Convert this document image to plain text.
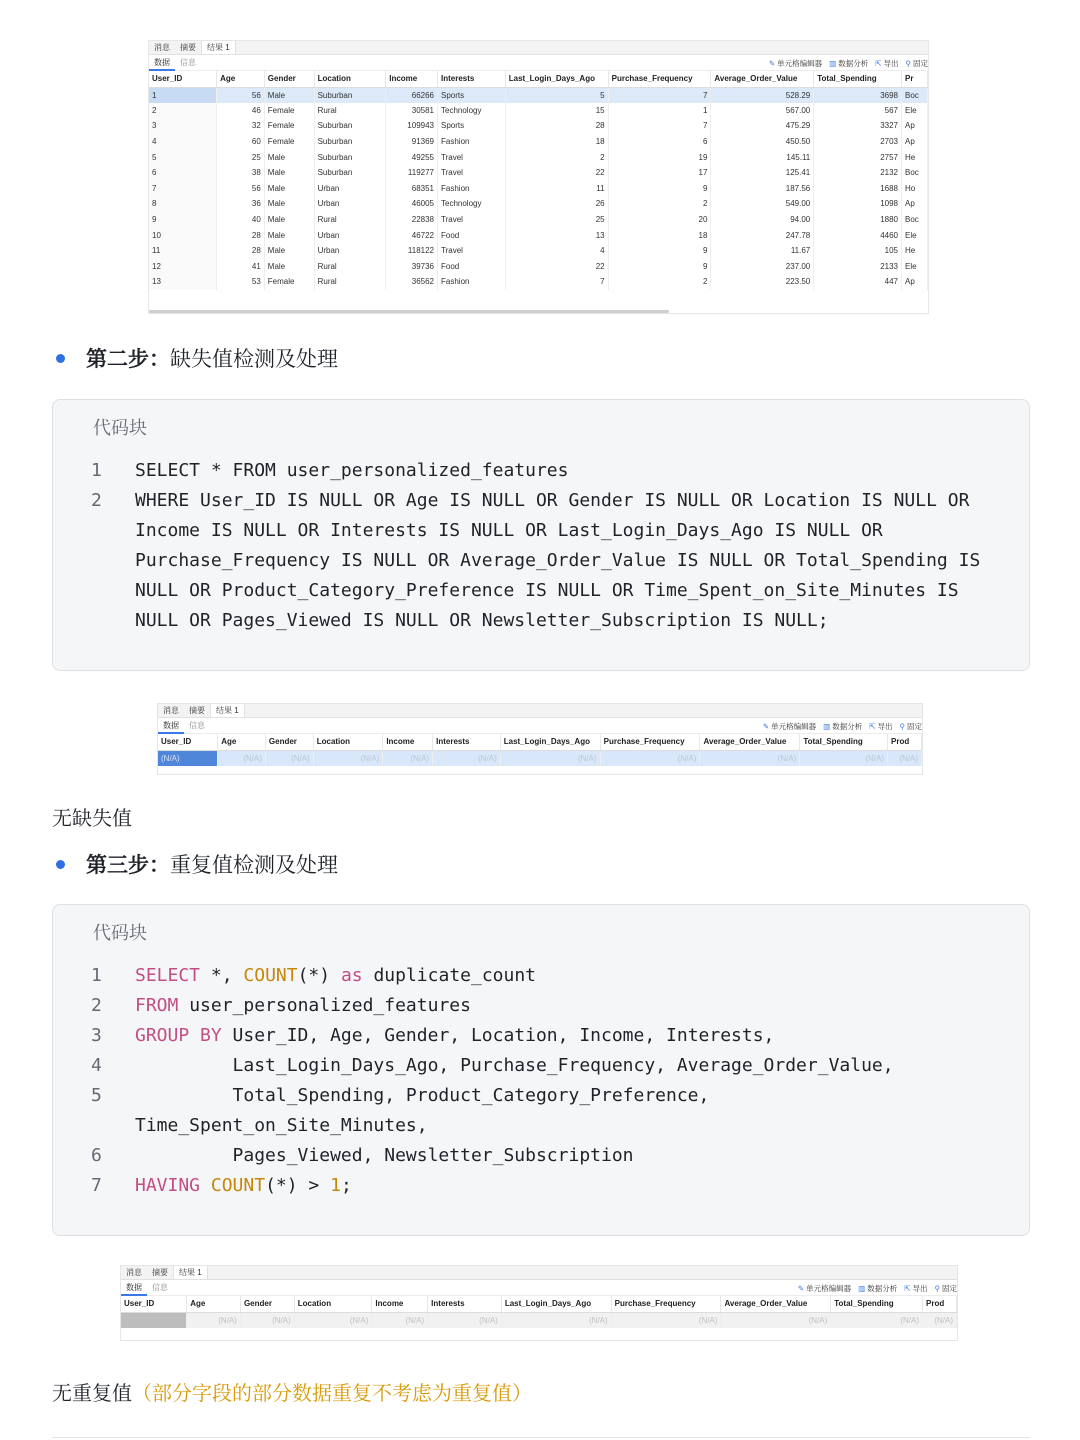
消息	摘要	结果 1
数据	信息	✎ 单元格编辑器 ▥ 数据分析 ⇱ 导出 ⚲ 固定
User_ID	Age	Gender	Location	Income	Interests	Last_Login_Days_Ago	Purchase_Frequency	Average_Order_Value	Total_Spending	Pr
1	56	Male	Suburban	66266	Sports	5	7	528.29	3698	Boc
2	46	Female	Rural	30581	Technology	15	1	567.00	567	Ele
3	32	Female	Suburban	109943	Sports	28	7	475.29	3327	Ap
4	60	Female	Suburban	91369	Fashion	18	6	450.50	2703	Ap
5	25	Male	Suburban	49255	Travel	2	19	145.11	2757	He
6	38	Male	Suburban	119277	Travel	22	17	125.41	2132	Boc
7	56	Male	Urban	68351	Fashion	11	9	187.56	1688	Ho
8	36	Male	Urban	46005	Technology	26	2	549.00	1098	Ap
9	40	Male	Rural	22838	Travel	25	20	94.00	1880	Boc
10	28	Male	Urban	46722	Food	13	18	247.78	4460	Ele
11	28	Male	Urban	118122	Travel	4	9	11.67	105	He
12	41	Male	Rural	39736	Food	22	9	237.00	2133	Ele
13	53	Female	Rural	36562	Fashion	7	2	223.50	447	Ap
第二步：缺失值检测及处理
代码块
1	SELECT * FROM user_personalized_features
2	WHERE User_ID IS NULL OR Age IS NULL OR Gender IS NULL OR Location IS NULL OR
Income IS NULL OR Interests IS NULL OR Last_Login_Days_Ago IS NULL OR
Purchase_Frequency IS NULL OR Average_Order_Value IS NULL OR Total_Spending IS
NULL OR Product_Category_Preference IS NULL OR Time_Spent_on_Site_Minutes IS
NULL OR Pages_Viewed IS NULL OR Newsletter_Subscription IS NULL;
消息	摘要	结果 1
数据	信息	✎ 单元格编辑器 ▥ 数据分析 ⇱ 导出 ⚲ 固定
User_ID	Age	Gender	Location	Income	Interests	Last_Login_Days_Ago	Purchase_Frequency	Average_Order_Value	Total_Spending	Prod
(N/A)	(N/A)	(N/A)	(N/A)	(N/A)	(N/A)	(N/A)	(N/A)	(N/A)	(N/A)	(N/A)
无缺失值
第三步：重复值检测及处理
代码块
1	SELECT *, COUNT(*) as duplicate_count
2	FROM user_personalized_features
3	GROUP BY User_ID, Age, Gender, Location, Income, Interests,
4	Last_Login_Days_Ago, Purchase_Frequency, Average_Order_Value,
5	Total_Spending, Product_Category_Preference,
Time_Spent_on_Site_Minutes,
6	Pages_Viewed, Newsletter_Subscription
7	HAVING COUNT(*) > 1;
消息	摘要	结果 1
数据	信息	✎ 单元格编辑器 ▥ 数据分析 ⇱ 导出 ⚲ 固定
User_ID	Age	Gender	Location	Income	Interests	Last_Login_Days_Ago	Purchase_Frequency	Average_Order_Value	Total_Spending	Prod
	(N/A)	(N/A)	(N/A)	(N/A)	(N/A)	(N/A)	(N/A)	(N/A)	(N/A)	(N/A)
无重复值（部分字段的部分数据重复不考虑为重复值）
